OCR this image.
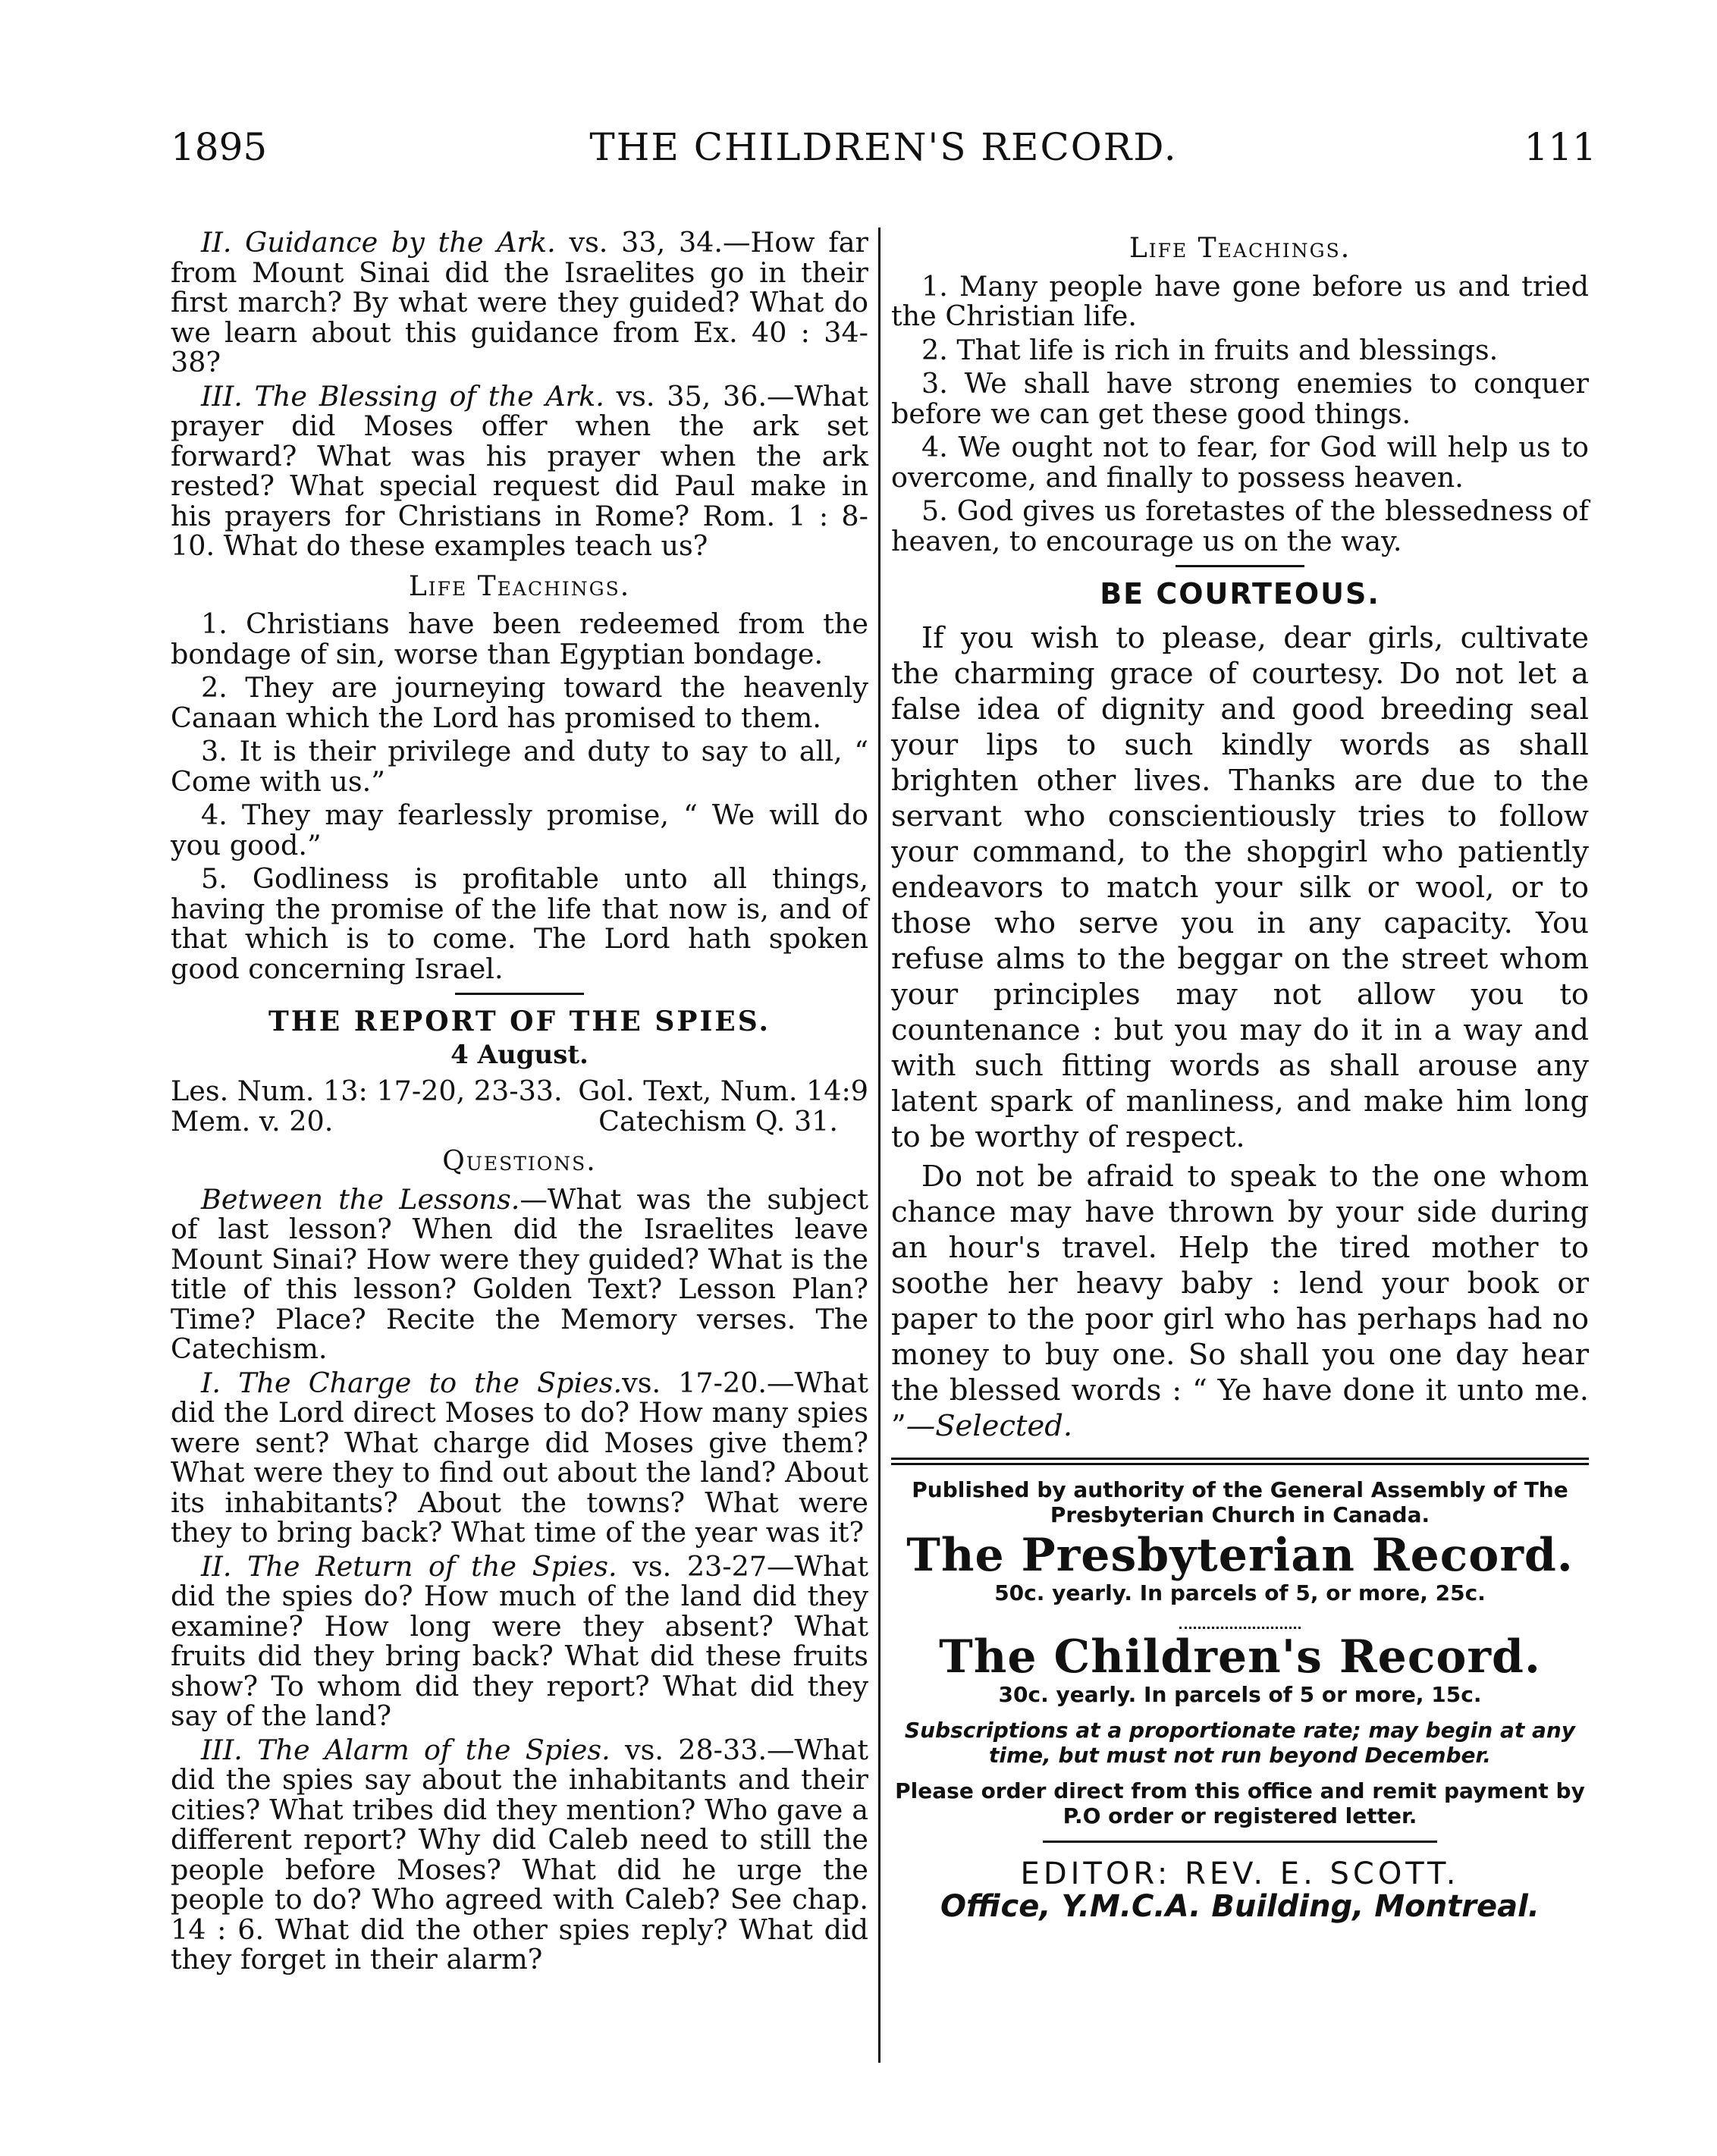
1895	THE CHILDREN'S RECORD.	111

II. Guidance by the Ark. vs. 33, 34.—How far from Mount Sinai did the Israelites go in their first march? By what were they guided? What do we learn about this guidance from Ex. 40 : 34-38?

III. The Blessing of the Ark. vs. 35, 36.—What prayer did Moses offer when the ark set forward? What was his prayer when the ark rested? What special request did Paul make in his prayers for Christians in Rome? Rom. 1 : 8-10. What do these examples teach us?

Life Teachings.

1. Christians have been redeemed from the bondage of sin, worse than Egyptian bondage.

2. They are journeying toward the heavenly Canaan which the Lord has promised to them.

3. It is their privilege and duty to say to all, “ Come with us.”

4. They may fearlessly promise, “ We will do you good.”

5. Godliness is profitable unto all things, having the promise of the life that now is, and of that which is to come. The Lord hath spoken good concerning Israel.

THE REPORT OF THE SPIES.
4 August.
Les. Num. 13: 17-20, 23-33. Gol. Text, Num. 14:9
Mem. v. 20.	Catechism Q. 31.
Questions.

Between the Lessons.—What was the subject of last lesson? When did the Israelites leave Mount Sinai? How were they guided? What is the title of this lesson? Golden Text? Lesson Plan? Time? Place? Recite the Memory verses. The Catechism.

I. The Charge to the Spies.vs. 17-20.—What did the Lord direct Moses to do? How many spies were sent? What charge did Moses give them? What were they to find out about the land? About its inhabitants? About the towns? What were they to bring back? What time of the year was it?

II. The Return of the Spies. vs. 23-27—What did the spies do? How much of the land did they examine? How long were they absent? What fruits did they bring back? What did these fruits show? To whom did they report? What did they say of the land?

III. The Alarm of the Spies. vs. 28-33.—What did the spies say about the inhabitants and their cities? What tribes did they mention? Who gave a different report? Why did Caleb need to still the people before Moses? What did he urge the people to do? Who agreed with Caleb? See chap. 14 : 6. What did the other spies reply? What did they forget in their alarm?

Life Teachings.

1. Many people have gone before us and tried the Christian life.

2. That life is rich in fruits and blessings.

3. We shall have strong enemies to conquer before we can get these good things.

4. We ought not to fear, for God will help us to overcome, and finally to possess heaven.

5. God gives us foretastes of the blessedness of heaven, to encourage us on the way.

BE COURTEOUS.

If you wish to please, dear girls, cultivate the charming grace of courtesy. Do not let a false idea of dignity and good breeding seal your lips to such kindly words as shall brighten other lives. Thanks are due to the servant who conscientiously tries to follow your command, to the shopgirl who patiently endeavors to match your silk or wool, or to those who serve you in any capacity. You refuse alms to the beggar on the street whom your principles may not allow you to countenance : but you may do it in a way and with such fitting words as shall arouse any latent spark of manliness, and make him long to be worthy of respect.

Do not be afraid to speak to the one whom chance may have thrown by your side during an hour's travel. Help the tired mother to soothe her heavy baby : lend your book or paper to the poor girl who has perhaps had no money to buy one. So shall you one day hear the blessed words : “ Ye have done it unto me. ”—Selected.

Published by authority of the General Assembly of The Presbyterian Church in Canada.
The Presbyterian Record.
50c. yearly. In parcels of 5, or more, 25c.
The Children's Record.
30c. yearly. In parcels of 5 or more, 15c.
Subscriptions at a proportionate rate; may begin at any time, but must not run beyond December.
Please order direct from this office and remit payment by P.O order or registered letter.
EDITOR: REV. E. SCOTT.
Office, Y.M.C.A. Building, Montreal.
